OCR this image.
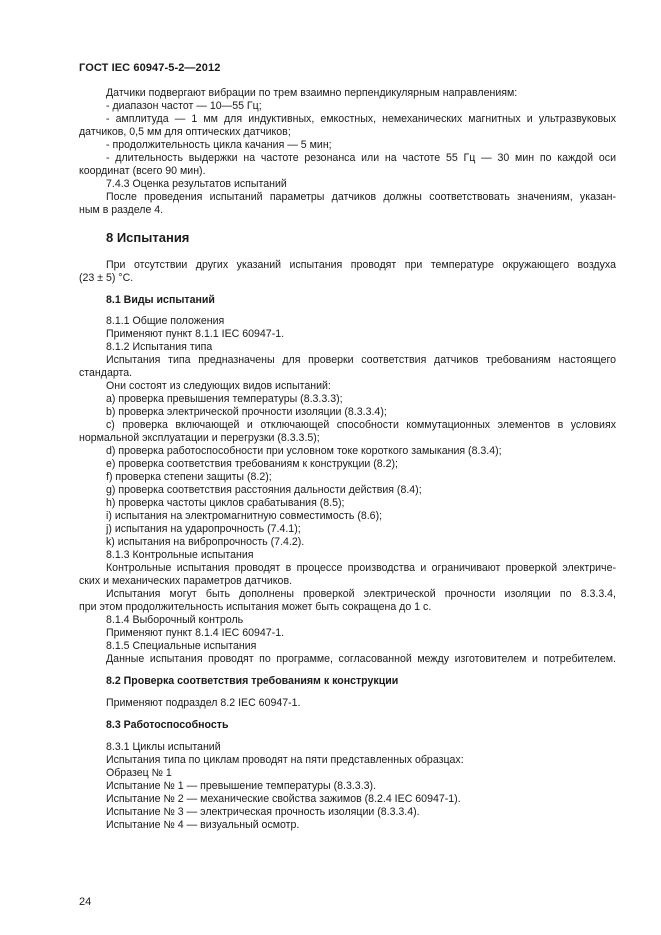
ГОСТ IEC 60947-5-2—2012
Датчики подвергают вибрации по трем взаимно перпендикулярным направлениям:
- диапазон частот — 10—55 Гц;
- амплитуда — 1 мм для индуктивных, емкостных, немеханических магнитных и ультразвуковых
датчиков, 0,5 мм для оптических датчиков;
- продолжительность цикла качания — 5 мин;
- длительность выдержки на частоте резонанса или на частоте 55 Гц — 30 мин по каждой оси
координат (всего 90 мин).
7.4.3 Оценка результатов испытаний
После проведения испытаний параметры датчиков должны соответствовать значениям, указан-
ным в разделе 4.
8 Испытания
При отсутствии других указаний испытания проводят при температуре окружающего воздуха
(23 ± 5) °С.
8.1 Виды испытаний
8.1.1 Общие положения
Применяют пункт 8.1.1 IEC 60947-1.
8.1.2 Испытания типа
Испытания типа предназначены для проверки соответствия датчиков требованиям настоящего
стандарта.
Они состоят из следующих видов испытаний:
a) проверка превышения температуры (8.3.3.3);
b) проверка электрической прочности изоляции (8.3.3.4);
c) проверка включающей и отключающей способности коммутационных элементов в условиях
нормальной эксплуатации и перегрузки (8.3.3.5);
d) проверка работоспособности при условном токе короткого замыкания (8.3.4);
e) проверка соответствия требованиям к конструкции (8.2);
f) проверка степени защиты (8.2);
g) проверка соответствия расстояния дальности действия (8.4);
h) проверка частоты циклов срабатывания (8.5);
i) испытания на электромагнитную совместимость (8.6);
j) испытания на ударопрочность (7.4.1);
k) испытания на вибропрочность (7.4.2).
8.1.3 Контрольные испытания
Контрольные испытания проводят в процессе производства и ограничивают проверкой электриче-
ских и механических параметров датчиков.
Испытания могут быть дополнены проверкой электрической прочности изоляции по 8.3.3.4,
при этом продолжительность испытания может быть сокращена до 1 с.
8.1.4 Выборочный контроль
Применяют пункт 8.1.4 IEC 60947-1.
8.1.5 Специальные испытания
Данные испытания проводят по программе, согласованной между изготовителем и потребителем.
8.2 Проверка соответствия требованиям к конструкции
Применяют подраздел 8.2 IEC 60947-1.
8.3 Работоспособность
8.3.1 Циклы испытаний
Испытания типа по циклам проводят на пяти представленных образцах:
Образец № 1
Испытание № 1 — превышение температуры (8.3.3.3).
Испытание № 2 — механические свойства зажимов (8.2.4 IEC 60947-1).
Испытание № 3 — электрическая прочность изоляции (8.3.3.4).
Испытание № 4 — визуальный осмотр.
24
